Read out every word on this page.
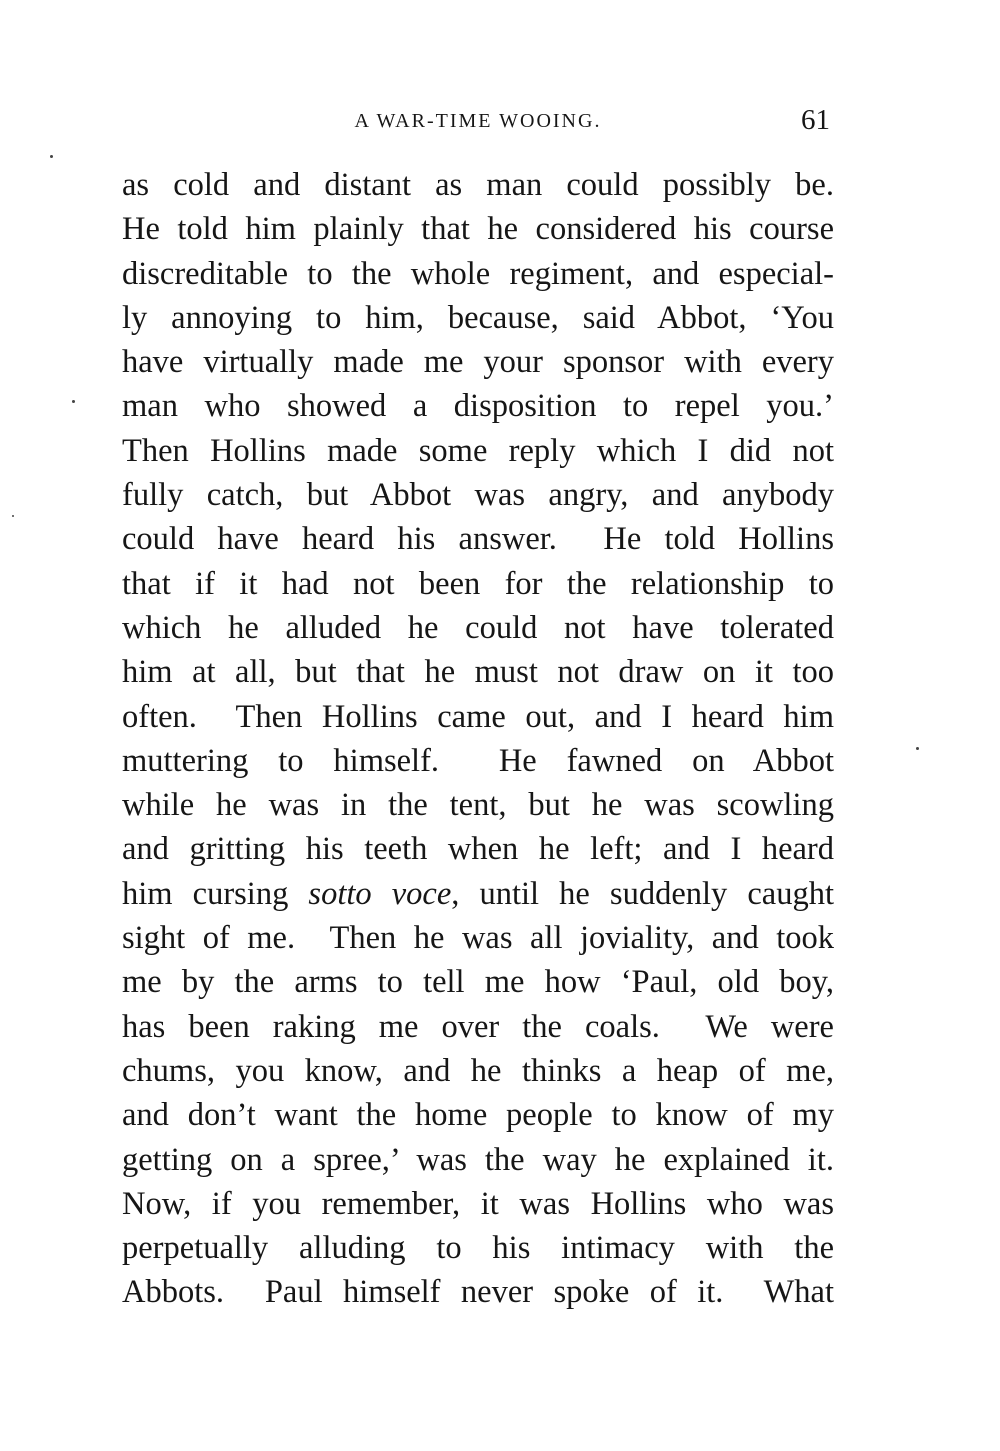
A WAR-TIME WOOING.	61
as cold and distant as man could possibly be.
He told him plainly that he considered his course
discreditable to the whole regiment, and especial-
ly annoying to him, because, said Abbot, ‘You
have virtually made me your sponsor with every
man who showed a disposition to repel you.’
Then Hollins made some reply which I did not
fully catch, but Abbot was angry, and anybody
could have heard his answer.  He told Hollins
that if it had not been for the relationship to
which he alluded he could not have tolerated
him at all, but that he must not draw on it too
often.  Then Hollins came out, and I heard him
muttering to himself.  He fawned on Abbot
while he was in the tent, but he was scowling
and gritting his teeth when he left; and I heard
him cursing sotto voce, until he suddenly caught
sight of me.  Then he was all joviality, and took
me by the arms to tell me how ‘Paul, old boy,
has been raking me over the coals.  We were
chums, you know, and he thinks a heap of me,
and don’t want the home people to know of my
getting on a spree,’ was the way he explained it.
Now, if you remember, it was Hollins who was
perpetually alluding to his intimacy with the
Abbots.  Paul himself never spoke of it.  What
